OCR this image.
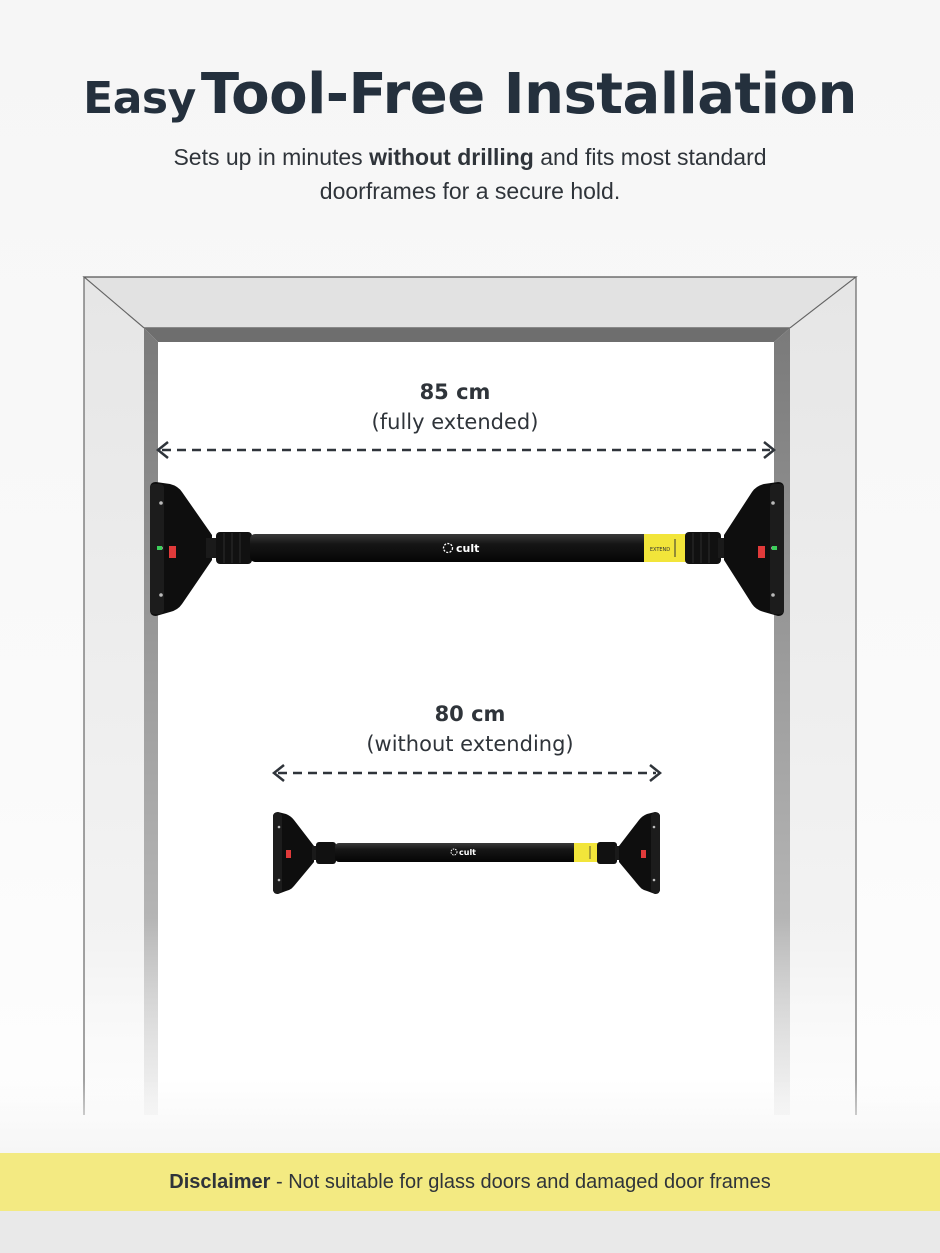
Easy Tool-Free Installation
Sets up in minutes without drilling and fits most standard doorframes for a secure hold.
EXTEND
cult
cult
85 cm
(fully extended)
80 cm
(without extending)
Disclaimer - Not suitable for glass doors and damaged door frames
